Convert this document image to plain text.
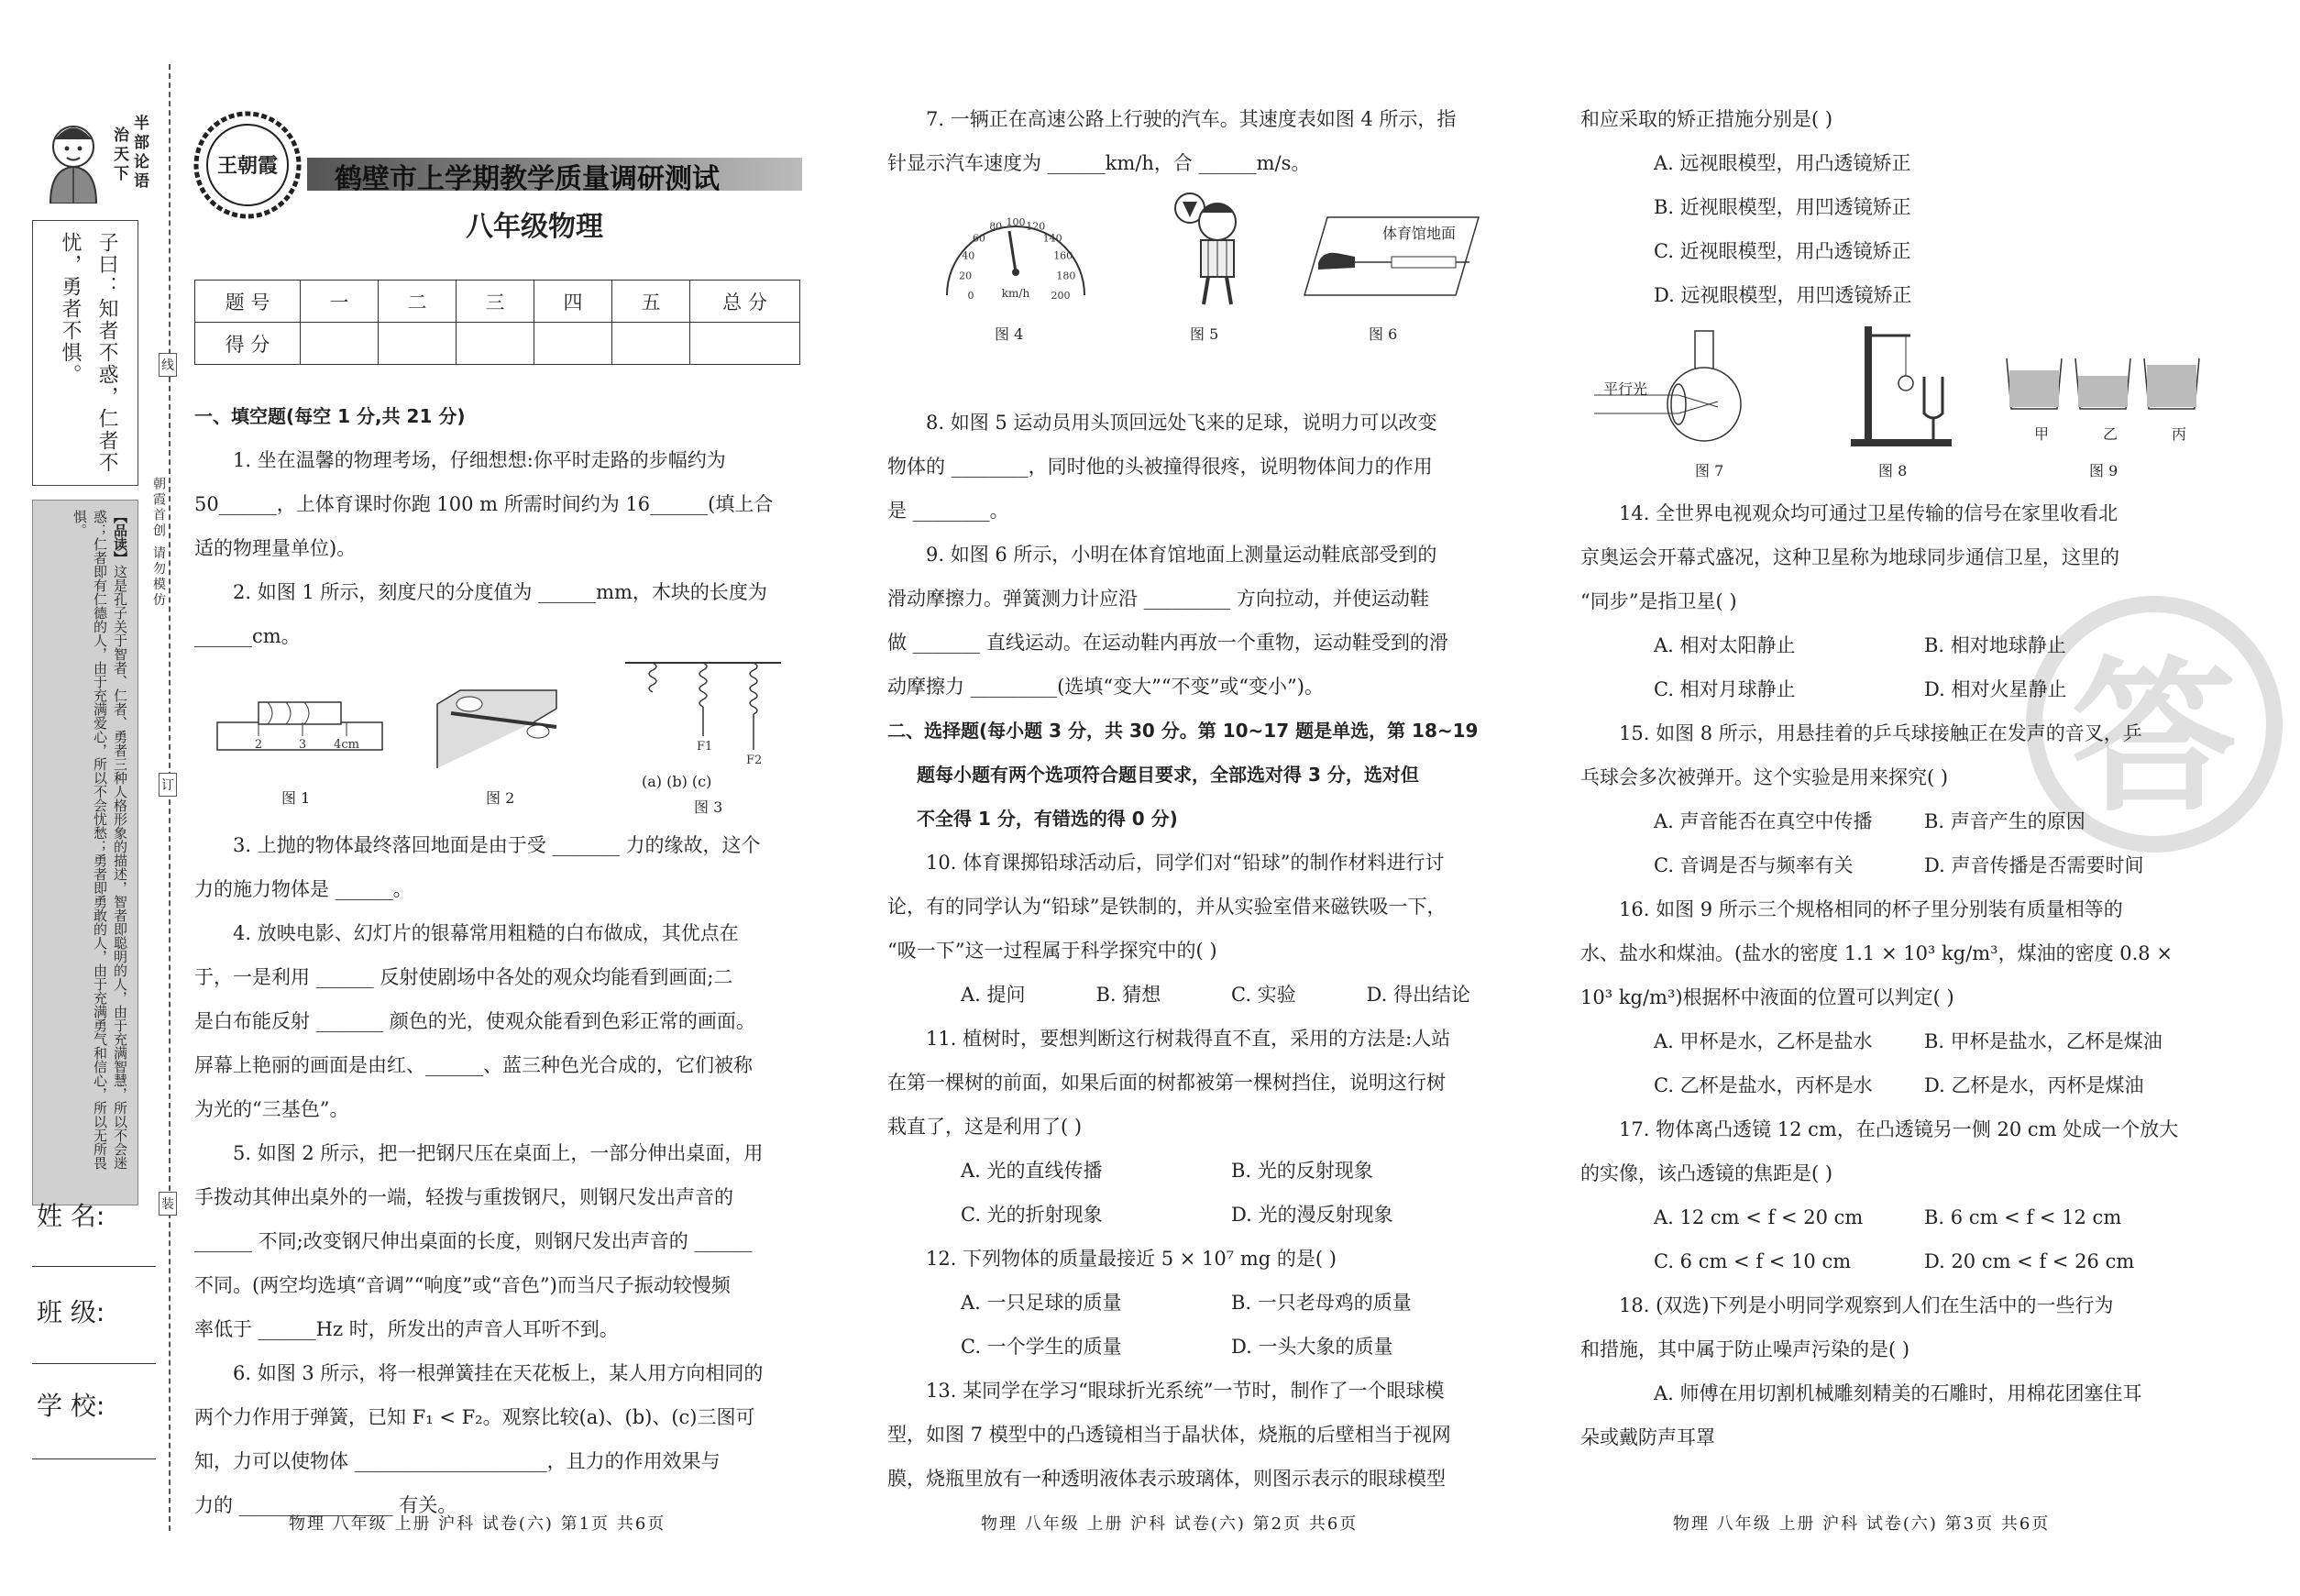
半部论语
治天下
子曰：知者不惑，仁者不忧，勇者不惧。
【品读】这是孔子关于智者、仁者、勇者三种人格形象的描述，智者即聪明的人，由于充满智慧，所以不会迷惑；仁者即有仁德的人，由于充满爱心，所以不会忧愁；勇者即勇敢的人，由于充满勇气和信心，所以无所畏惧。
姓 名:
班 级:
学 校:
线
订
装
朝霞首创 请勿模仿
王朝霞 鹤壁市上学期教学质量调研测试
八年级物理
题 号	一	二	三	四	五	总 分
得 分						
一、填空题(每空 1 分,共 21 分)

1. 坐在温馨的物理考场，仔细想想:你平时走路的步幅约为

50______，上体育课时你跑 100 m 所需时间约为 16______(填上合

适的物理量单位)。

2. 如图 1 所示，刻度尺的分度值为 ______mm，木块的长度为

______cm。

2	3 4cm
图 1	图 2
F1
F2
(a) (b) (c)
图 3

3. 上抛的物体最终落回地面是由于受 _______ 力的缘故，这个

力的施力物体是 ______。

4. 放映电影、幻灯片的银幕常用粗糙的白布做成，其优点在

于，一是利用 ______ 反射使剧场中各处的观众均能看到画面;二

是白布能反射 _______ 颜色的光，使观众能看到色彩正常的画面。

屏幕上艳丽的画面是由红、______、蓝三种色光合成的，它们被称

为光的“三基色”。

5. 如图 2 所示，把一把钢尺压在桌面上，一部分伸出桌面，用

手拨动其伸出桌外的一端，轻拨与重拨钢尺，则钢尺发出声音的

______ 不同;改变钢尺伸出桌面的长度，则钢尺发出声音的 ______

不同。(两空均选填“音调”“响度”或“音色”)而当尺子振动较慢频

率低于 ______Hz 时，所发出的声音人耳听不到。

6. 如图 3 所示，将一根弹簧挂在天花板上，某人用方向相同的

两个力作用于弹簧，已知 F₁ < F₂。观察比较(a)、(b)、(c)三图可

知，力可以使物体 ____________________，且力的作用效果与

力的 ________________ 有关。

物理 八年级 上册 沪科 试卷(六) 第1页 共6页

7. 一辆正在高速公路上行驶的汽车。其速度表如图 4 所示，指

针显示汽车速度为 ______km/h，合 ______m/s。

0
20
40
60
80 100 120
140
160
180
200
km/h
图 4	图 5
体育馆地面
图 6

8. 如图 5 运动员用头顶回远处飞来的足球，说明力可以改变

物体的 ________，同时他的头被撞得很疼，说明物体间力的作用

是 ________。

9. 如图 6 所示，小明在体育馆地面上测量运动鞋底部受到的

滑动摩擦力。弹簧测力计应沿 _________ 方向拉动，并使运动鞋

做 _______ 直线运动。在运动鞋内再放一个重物，运动鞋受到的滑

动摩擦力 _________(选填“变大”“不变”或“变小”)。

二、选择题(每小题 3 分，共 30 分。第 10~17 题是单选，第 18~19
题每小题有两个选项符合题目要求，全部选对得 3 分，选对但
不全得 1 分，有错选的得 0 分)

10. 体育课掷铅球活动后，同学们对“铅球”的制作材料进行讨

论，有的同学认为“铅球”是铁制的，并从实验室借来磁铁吸一下，

“吸一下”这一过程属于科学探究中的( )

A. 提问	B. 猜想	C. 实验	D. 得出结论

11. 植树时，要想判断这行树栽得直不直，采用的方法是:人站

在第一棵树的前面，如果后面的树都被第一棵树挡住，说明这行树

栽直了，这是利用了( )

A. 光的直线传播	B. 光的反射现象
C. 光的折射现象	D. 光的漫反射现象

12. 下列物体的质量最接近 5 × 10⁷ mg 的是( )

A. 一只足球的质量	B. 一只老母鸡的质量
C. 一个学生的质量	D. 一头大象的质量

13. 某同学在学习“眼球折光系统”一节时，制作了一个眼球模

型，如图 7 模型中的凸透镜相当于晶状体，烧瓶的后壁相当于视网

膜，烧瓶里放有一种透明液体表示玻璃体，则图示表示的眼球模型

物理 八年级 上册 沪科 试卷(六) 第2页 共6页
答

和应采取的矫正措施分别是( )

A. 远视眼模型，用凸透镜矫正
B. 近视眼模型，用凹透镜矫正
C. 近视眼模型，用凸透镜矫正
D. 远视眼模型，用凹透镜矫正
平行光
图 7	图 8
甲	乙	丙
图 9

14. 全世界电视观众均可通过卫星传输的信号在家里收看北

京奥运会开幕式盛况，这种卫星称为地球同步通信卫星，这里的

“同步”是指卫星( )

A. 相对太阳静止	B. 相对地球静止
C. 相对月球静止	D. 相对火星静止

15. 如图 8 所示，用悬挂着的乒乓球接触正在发声的音叉，乒

乓球会多次被弹开。这个实验是用来探究( )

A. 声音能否在真空中传播	B. 声音产生的原因
C. 音调是否与频率有关	D. 声音传播是否需要时间

16. 如图 9 所示三个规格相同的杯子里分别装有质量相等的

水、盐水和煤油。(盐水的密度 1.1 × 10³ kg/m³，煤油的密度 0.8 ×

10³ kg/m³)根据杯中液面的位置可以判定( )

A. 甲杯是水，乙杯是盐水	B. 甲杯是盐水，乙杯是煤油
C. 乙杯是盐水，丙杯是水	D. 乙杯是水，丙杯是煤油

17. 物体离凸透镜 12 cm，在凸透镜另一侧 20 cm 处成一个放大

的实像，该凸透镜的焦距是( )

A. 12 cm < f < 20 cm	B. 6 cm < f < 12 cm
C. 6 cm < f < 10 cm	D. 20 cm < f < 26 cm

18. (双选)下列是小明同学观察到人们在生活中的一些行为

和措施，其中属于防止噪声污染的是( )

A. 师傅在用切割机械雕刻精美的石雕时，用棉花团塞住耳
朵或戴防声耳罩
物理 八年级 上册 沪科 试卷(六) 第3页 共6页
